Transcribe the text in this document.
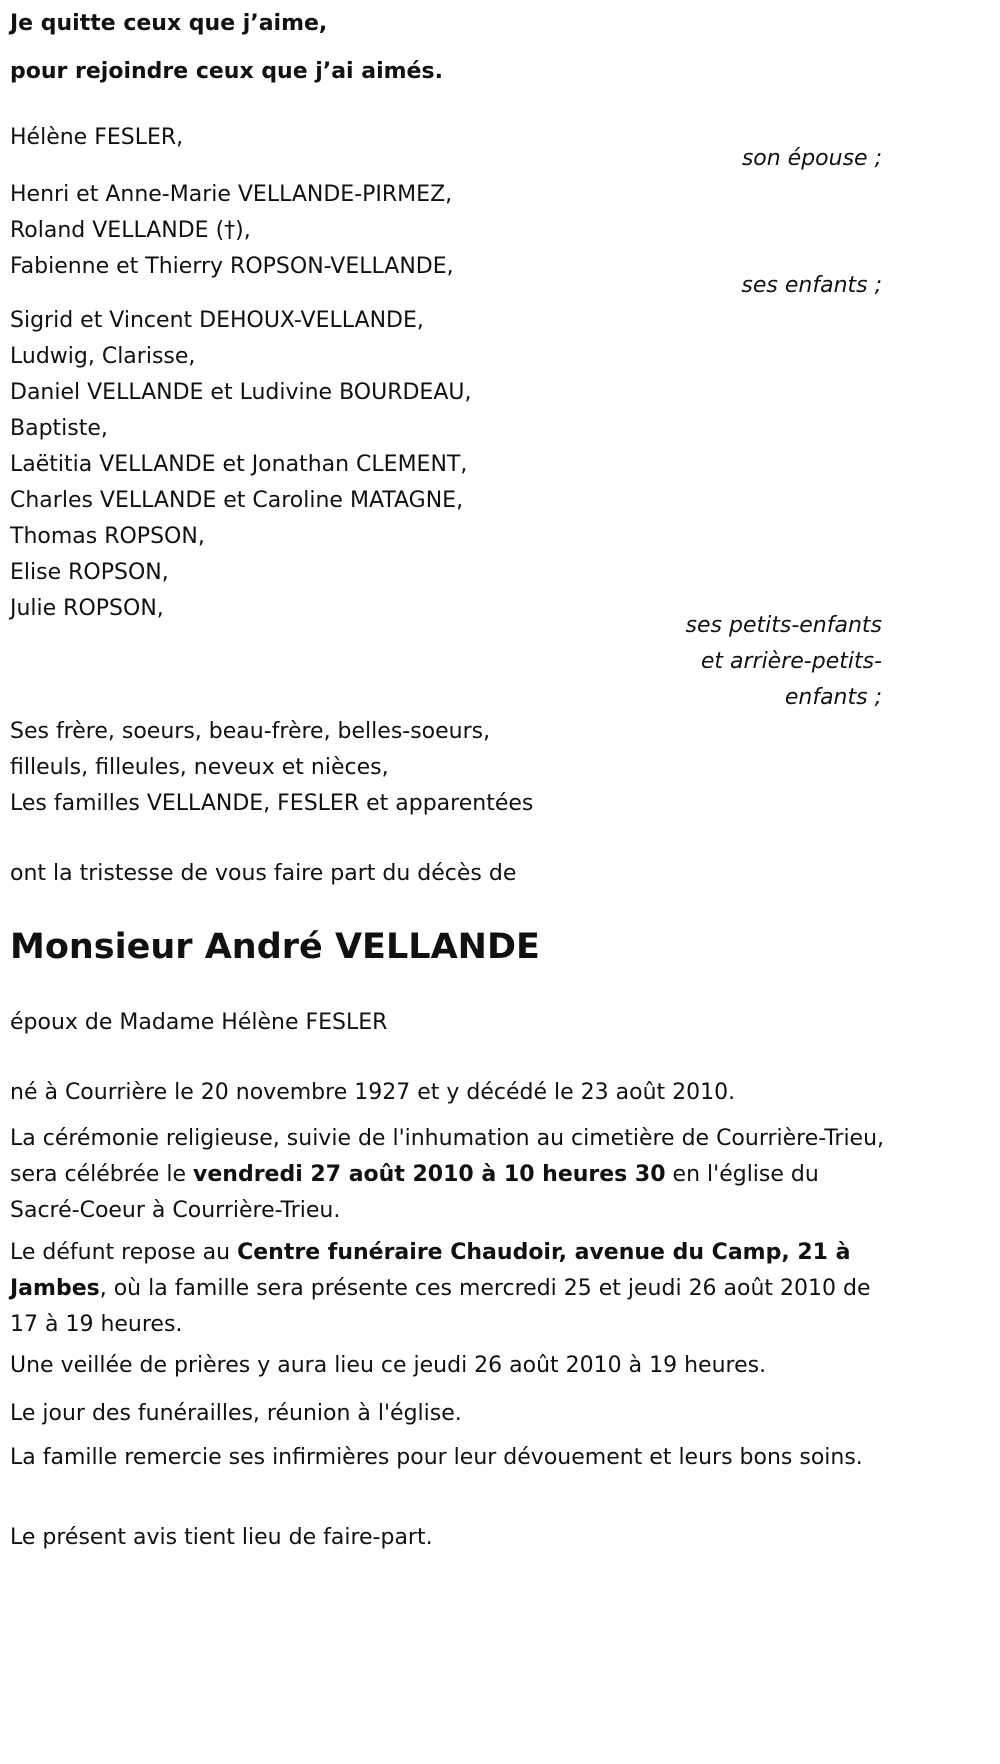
Je quitte ceux que j’aime,
pour rejoindre ceux que j’ai aimés.
Hélène FESLER,
son épouse ;
Henri et Anne-Marie VELLANDE-PIRMEZ,
Roland VELLANDE (†),
Fabienne et Thierry ROPSON-VELLANDE,
ses enfants ;
Sigrid et Vincent DEHOUX-VELLANDE,
Ludwig, Clarisse,
Daniel VELLANDE et Ludivine BOURDEAU,
Baptiste,
Laëtitia VELLANDE et Jonathan CLEMENT,
Charles VELLANDE et Caroline MATAGNE,
Thomas ROPSON,
Elise ROPSON,
Julie ROPSON,
ses petits-enfants
et arrière-petits-
enfants ;
Ses frère, soeurs, beau-frère, belles-soeurs,
filleuls, filleules, neveux et nièces,
Les familles VELLANDE, FESLER et apparentées
ont la tristesse de vous faire part du décès de
Monsieur André VELLANDE
époux de Madame Hélène FESLER
né à Courrière le 20 novembre 1927 et y décédé le 23 août 2010.
La cérémonie religieuse, suivie de l'inhumation au cimetière de Courrière-Trieu, sera célébrée le vendredi 27 août 2010 à 10 heures 30 en l'église du Sacré-Coeur à Courrière-Trieu.
Le défunt repose au Centre funéraire Chaudoir, avenue du Camp, 21 à Jambes, où la famille sera présente ces mercredi 25 et jeudi 26 août 2010 de 17 à 19 heures.
Une veillée de prières y aura lieu ce jeudi 26 août 2010 à 19 heures.
Le jour des funérailles, réunion à l'église.
La famille remercie ses infirmières pour leur dévouement et leurs bons soins.
Le présent avis tient lieu de faire-part.
